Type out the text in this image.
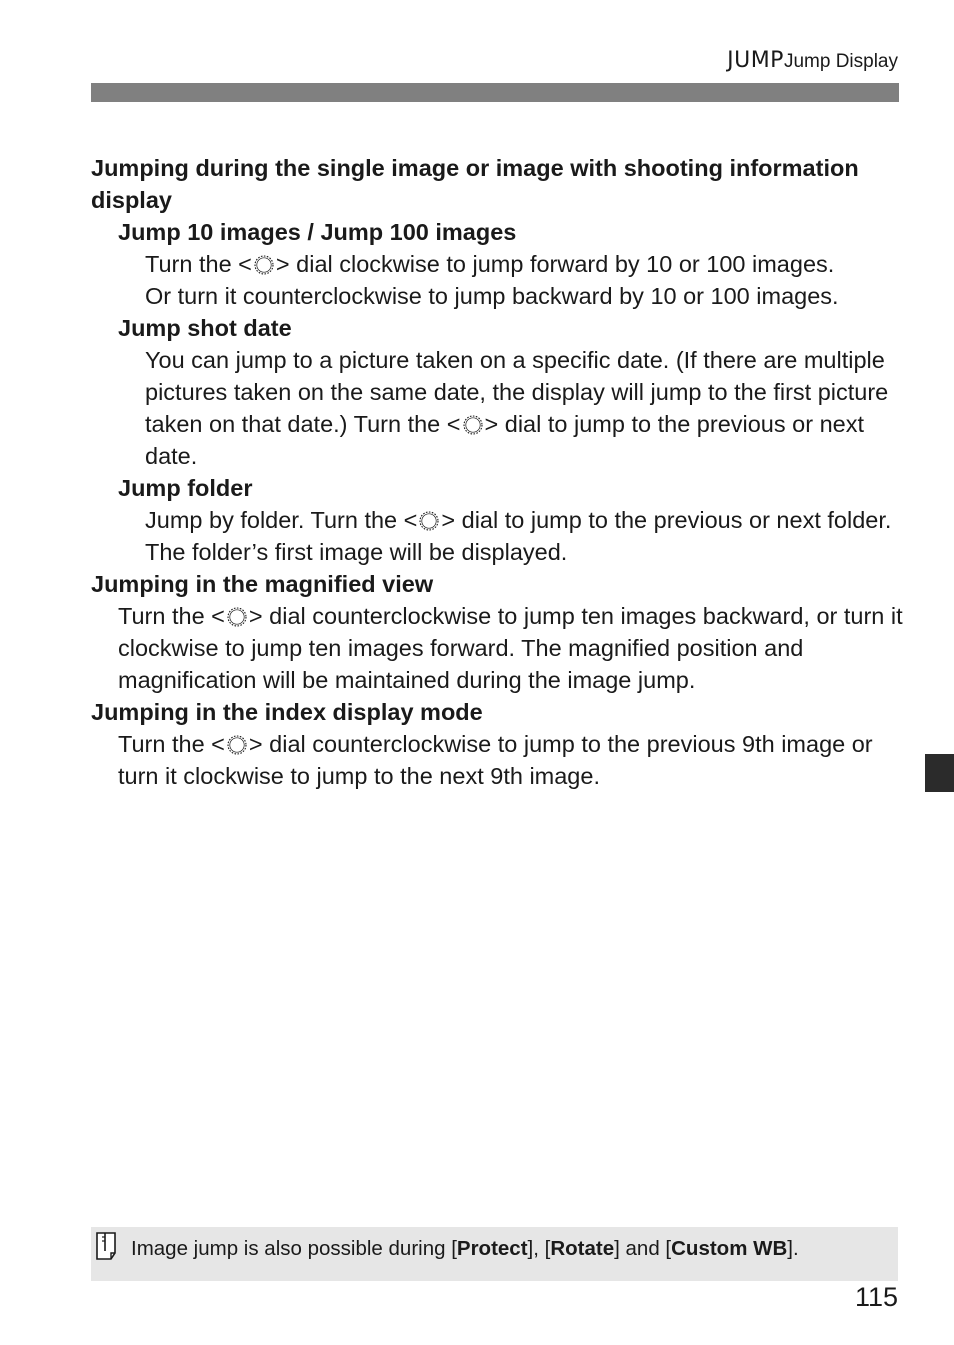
JUMPJump Display

Jumping during the single image or image with shooting information display

Jump 10 images / Jump 100 images

Turn the < > dial clockwise to jump forward by 10 or 100 images.

Or turn it counterclockwise to jump backward by 10 or 100 images.

Jump shot date

You can jump to a picture taken on a specific date. (If there are multiple pictures taken on the same date, the display will jump to the first picture taken on that date.) Turn the < > dial to jump to the previous or next date.

Jump folder

Jump by folder. Turn the < > dial to jump to the previous or next folder. The folder’s first image will be displayed.

Jumping in the magnified view

Turn the < > dial counterclockwise to jump ten images backward, or turn it clockwise to jump ten images forward. The magnified position and magnification will be maintained during the image jump.

Jumping in the index display mode

Turn the < > dial counterclockwise to jump to the previous 9th image or turn it clockwise to jump to the next 9th image.

Image jump is also possible during [Protect], [Rotate] and [Custom WB].
115
